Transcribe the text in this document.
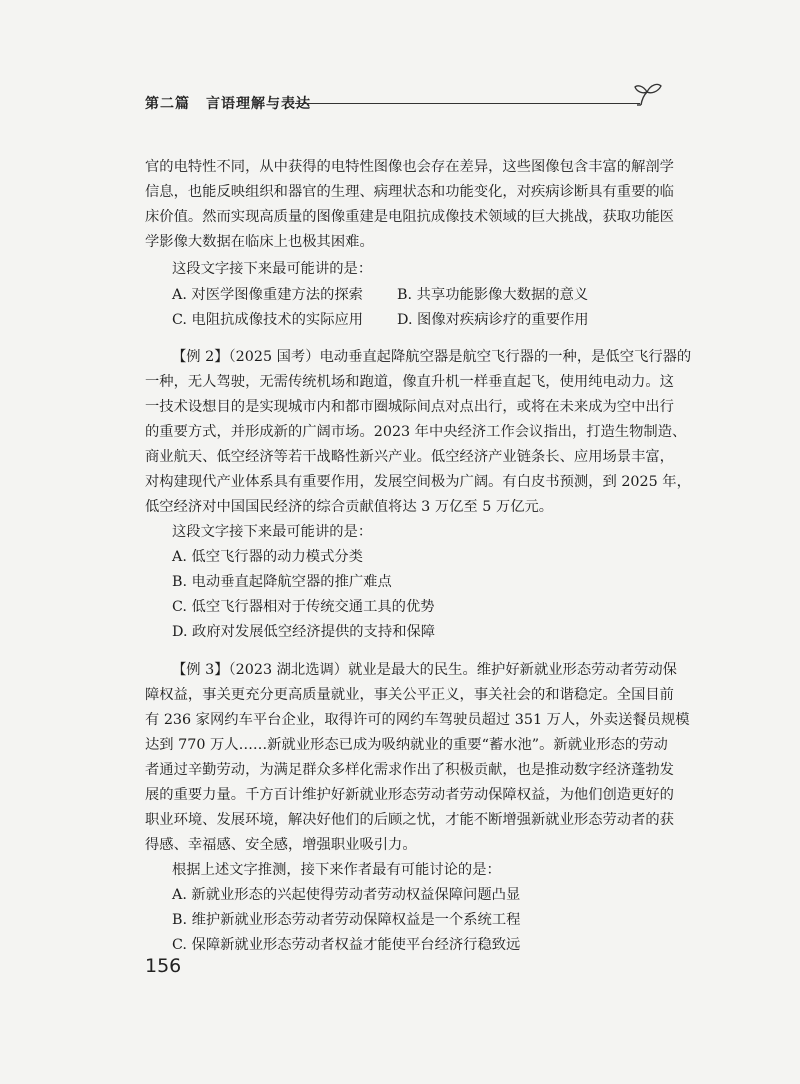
第二篇 言语理解与表达
官的电特性不同，从中获得的电特性图像也会存在差异，这些图像包含丰富的解剖学
信息，也能反映组织和器官的生理、病理状态和功能变化，对疾病诊断具有重要的临
床价值。然而实现高质量的图像重建是电阻抗成像技术领域的巨大挑战，获取功能医
学影像大数据在临床上也极其困难。
这段文字接下来最可能讲的是：
A. 对医学图像重建方法的探索 B. 共享功能影像大数据的意义
C. 电阻抗成像技术的实际应用 D. 图像对疾病诊疗的重要作用
【例 2】（2025 国考）电动垂直起降航空器是航空飞行器的一种，是低空飞行器的
一种，无人驾驶，无需传统机场和跑道，像直升机一样垂直起飞，使用纯电动力。这
一技术设想目的是实现城市内和都市圈城际间点对点出行，或将在未来成为空中出行
的重要方式，并形成新的广阔市场。2023 年中央经济工作会议指出，打造生物制造、
商业航天、低空经济等若干战略性新兴产业。低空经济产业链条长、应用场景丰富，
对构建现代产业体系具有重要作用，发展空间极为广阔。有白皮书预测，到 2025 年，
低空经济对中国国民经济的综合贡献值将达 3 万亿至 5 万亿元。
这段文字接下来最可能讲的是：
A. 低空飞行器的动力模式分类
B. 电动垂直起降航空器的推广难点
C. 低空飞行器相对于传统交通工具的优势
D. 政府对发展低空经济提供的支持和保障
【例 3】（2023 湖北选调）就业是最大的民生。维护好新就业形态劳动者劳动保
障权益，事关更充分更高质量就业，事关公平正义，事关社会的和谐稳定。全国目前
有 236 家网约车平台企业，取得许可的网约车驾驶员超过 351 万人，外卖送餐员规模
达到 770 万人……新就业形态已成为吸纳就业的重要“蓄水池”。新就业形态的劳动
者通过辛勤劳动，为满足群众多样化需求作出了积极贡献，也是推动数字经济蓬勃发
展的重要力量。千方百计维护好新就业形态劳动者劳动保障权益，为他们创造更好的
职业环境、发展环境，解决好他们的后顾之忧，才能不断增强新就业形态劳动者的获
得感、幸福感、安全感，增强职业吸引力。
根据上述文字推测，接下来作者最有可能讨论的是：
A. 新就业形态的兴起使得劳动者劳动权益保障问题凸显
B. 维护新就业形态劳动者劳动保障权益是一个系统工程
C. 保障新就业形态劳动者权益才能使平台经济行稳致远
156
